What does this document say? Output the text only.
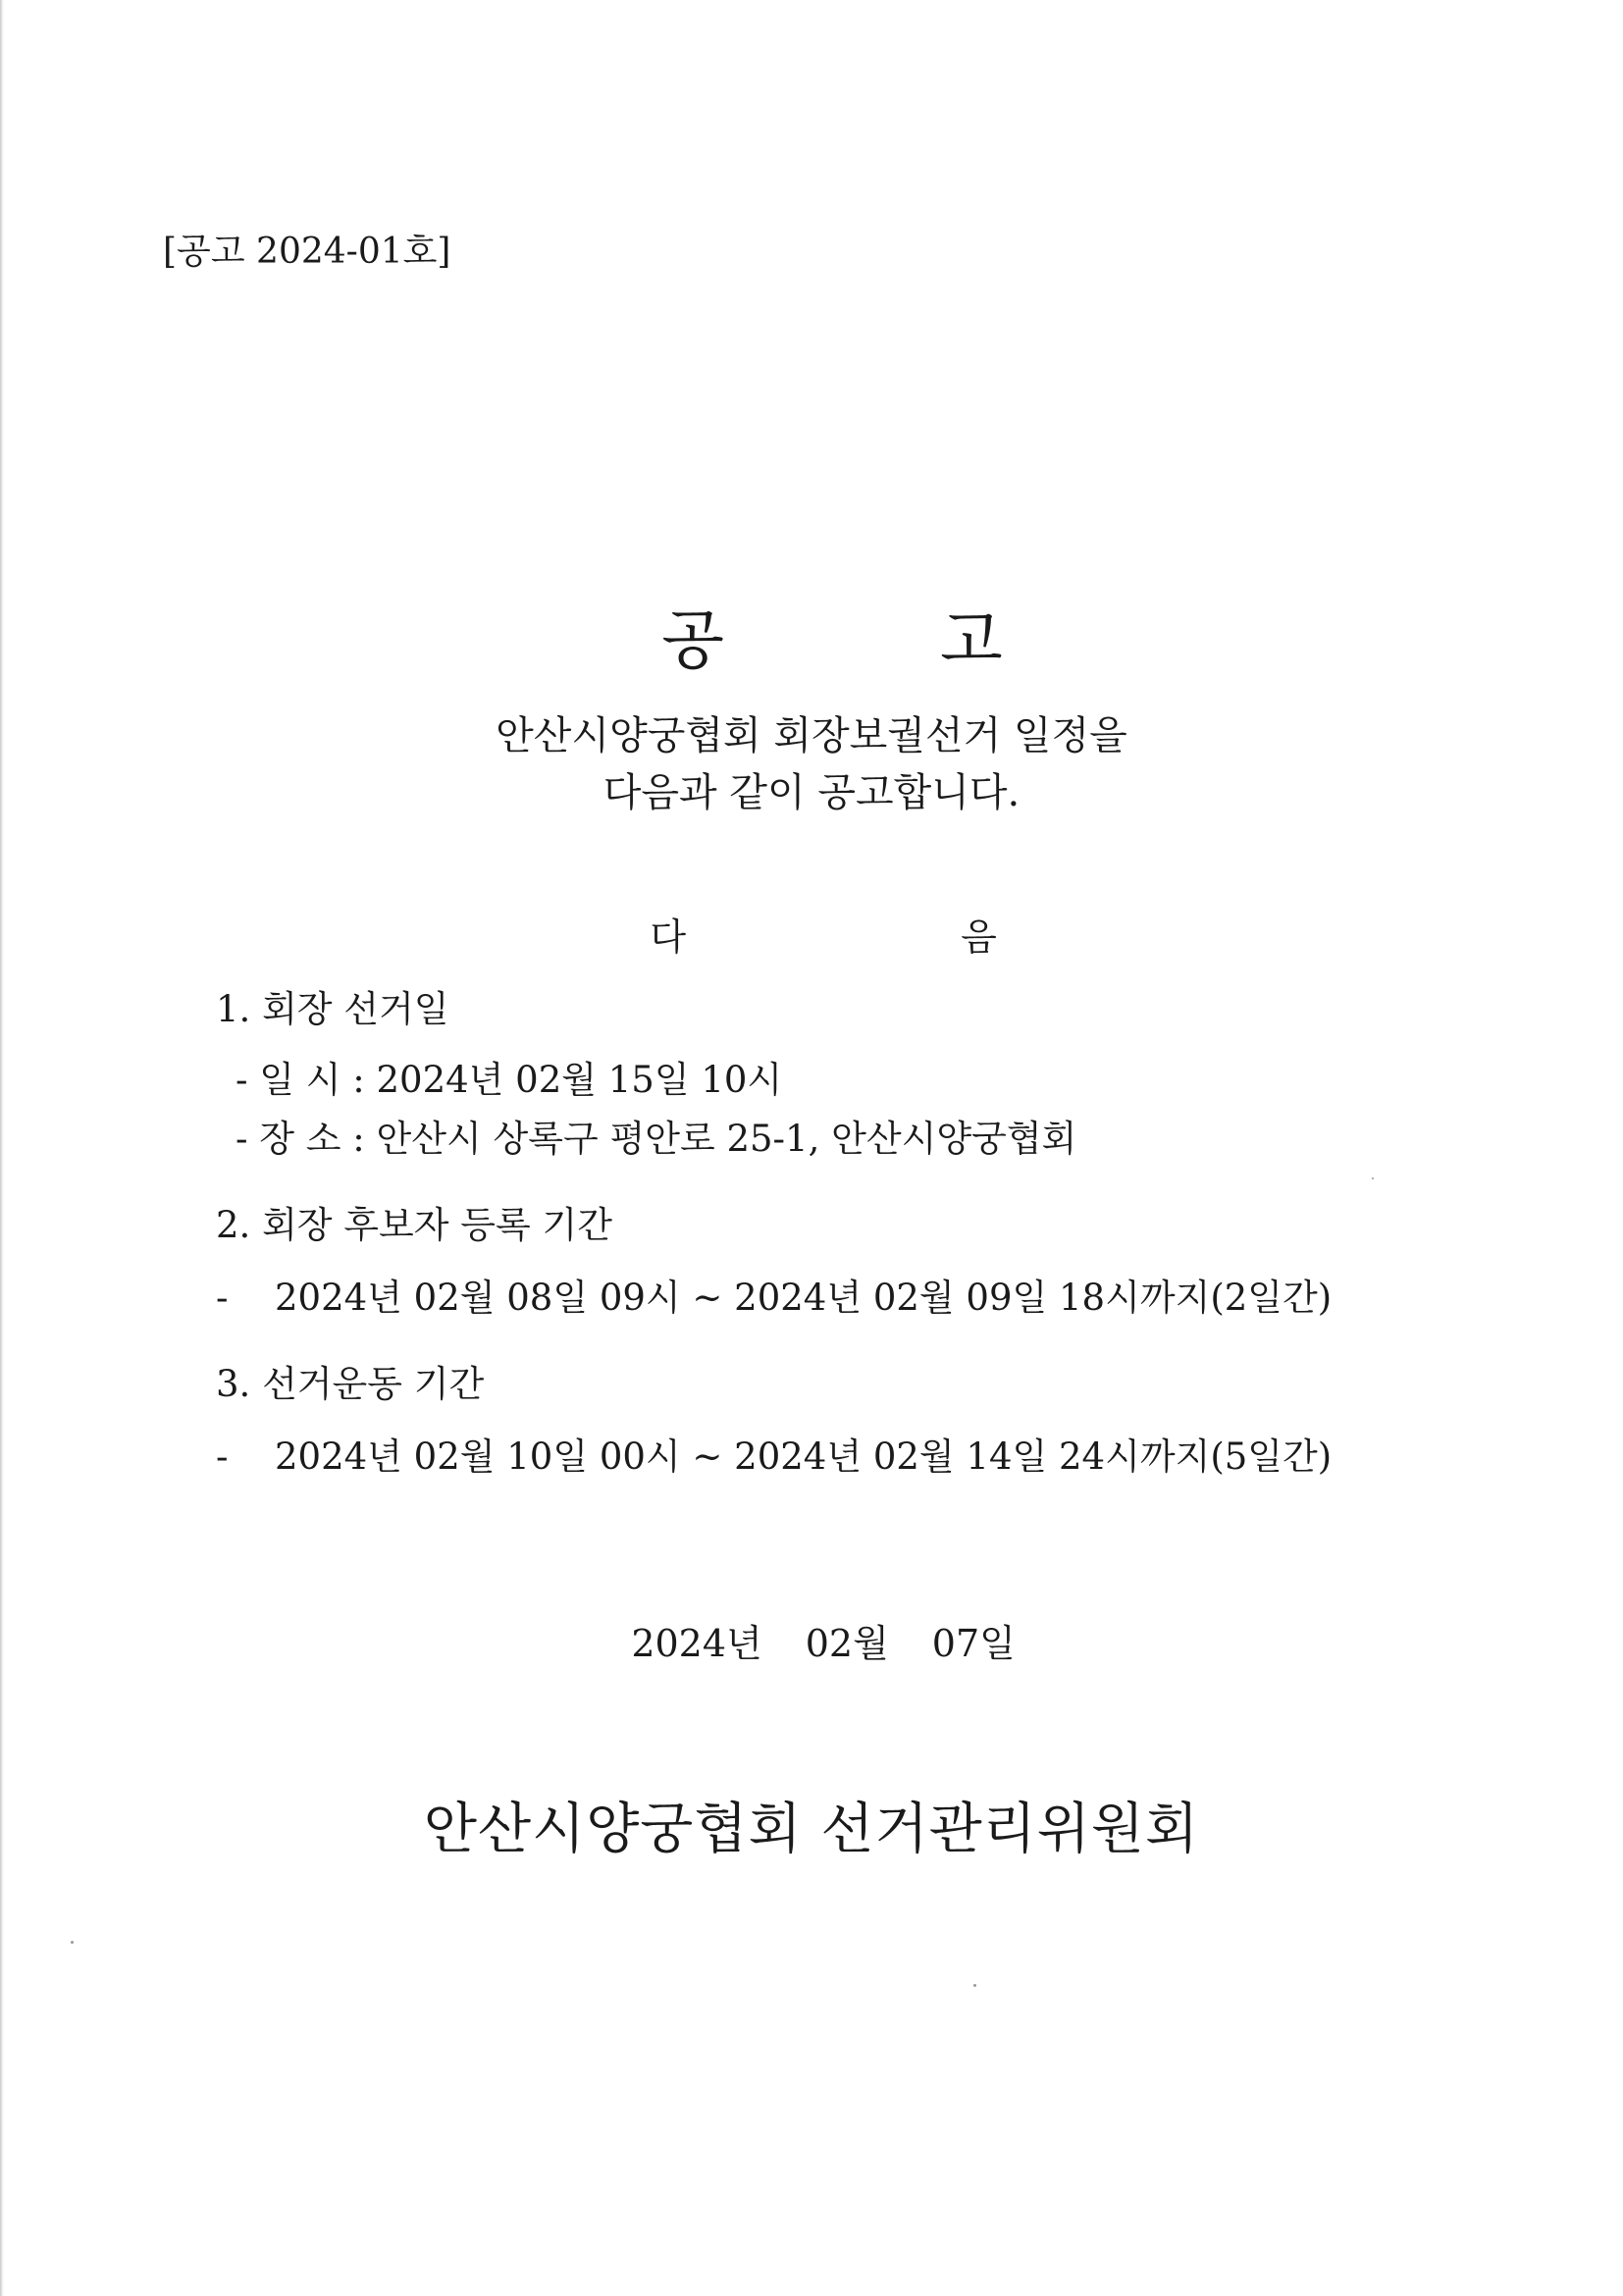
[공고 2024-01호]

공	고

안산시양궁협회 회장보궐선거 일정을
다음과 같이 공고합니다.

다	음

1. 회장 선거일
- 일 시 : 2024년 02월 15일 10시
- 장 소 : 안산시 상록구 평안로 25-1, 안산시양궁협회
2. 회장 후보자 등록 기간
- 2024년 02월 08일 09시 ~ 2024년 02월 09일 18시까지(2일간)
3. 선거운동 기간
- 2024년 02월 10일 00시 ~ 2024년 02월 14일 24시까지(5일간)

2024년 02월 07일

안산시양궁협회 선거관리위원회
